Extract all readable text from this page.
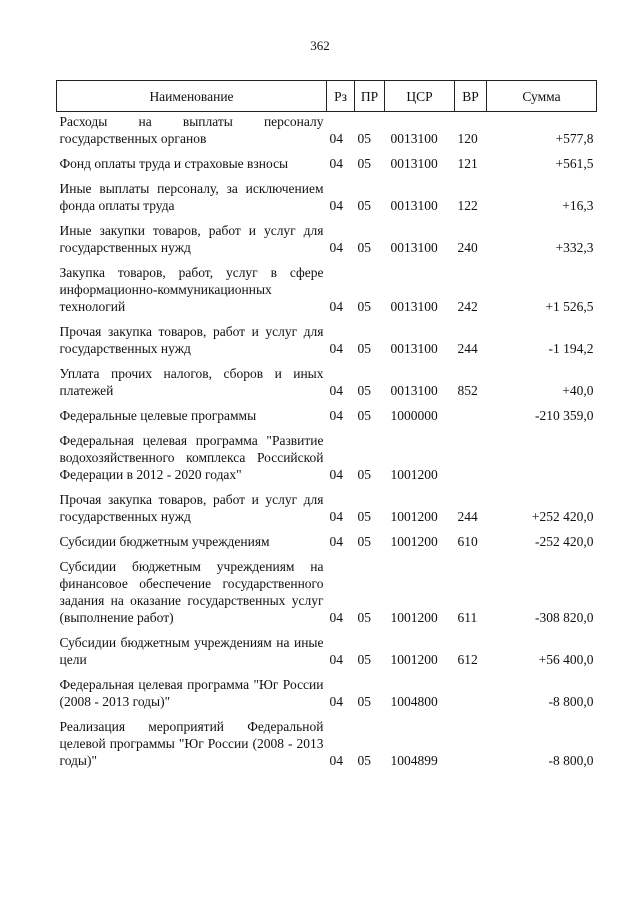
362
Наименование	Рз	ПР	ЦСР	ВР	Сумма
Расходы на выплаты персоналу государственных органов	04	05	0013100	120	+577,8
Фонд оплаты труда и страховые взносы	04	05	0013100	121	+561,5
Иные выплаты персоналу, за исключением фонда оплаты труда	04	05	0013100	122	+16,3
Иные закупки товаров, работ и услуг для государственных нужд	04	05	0013100	240	+332,3
Закупка товаров, работ, услуг в сфере информационно-коммуникационных технологий	04	05	0013100	242	+1 526,5
Прочая закупка товаров, работ и услуг для государственных нужд	04	05	0013100	244	-1 194,2
Уплата прочих налогов, сборов и иных платежей	04	05	0013100	852	+40,0
Федеральные целевые программы	04	05	1000000		-210 359,0
Федеральная целевая программа "Развитие водохозяйственного комплекса Российской Федерации в 2012 - 2020 годах"	04	05	1001200		
Прочая закупка товаров, работ и услуг для государственных нужд	04	05	1001200	244	+252 420,0
Субсидии бюджетным учреждениям	04	05	1001200	610	-252 420,0
Субсидии бюджетным учреждениям на финансовое обеспечение государственного задания на оказание государственных услуг (выполнение работ)	04	05	1001200	611	-308 820,0
Субсидии бюджетным учреждениям на иные цели	04	05	1001200	612	+56 400,0
Федеральная целевая программа "Юг России (2008 - 2013 годы)"	04	05	1004800		-8 800,0
Реализация мероприятий Федеральной целевой программы "Юг России (2008 - 2013 годы)"	04	05	1004899		-8 800,0
